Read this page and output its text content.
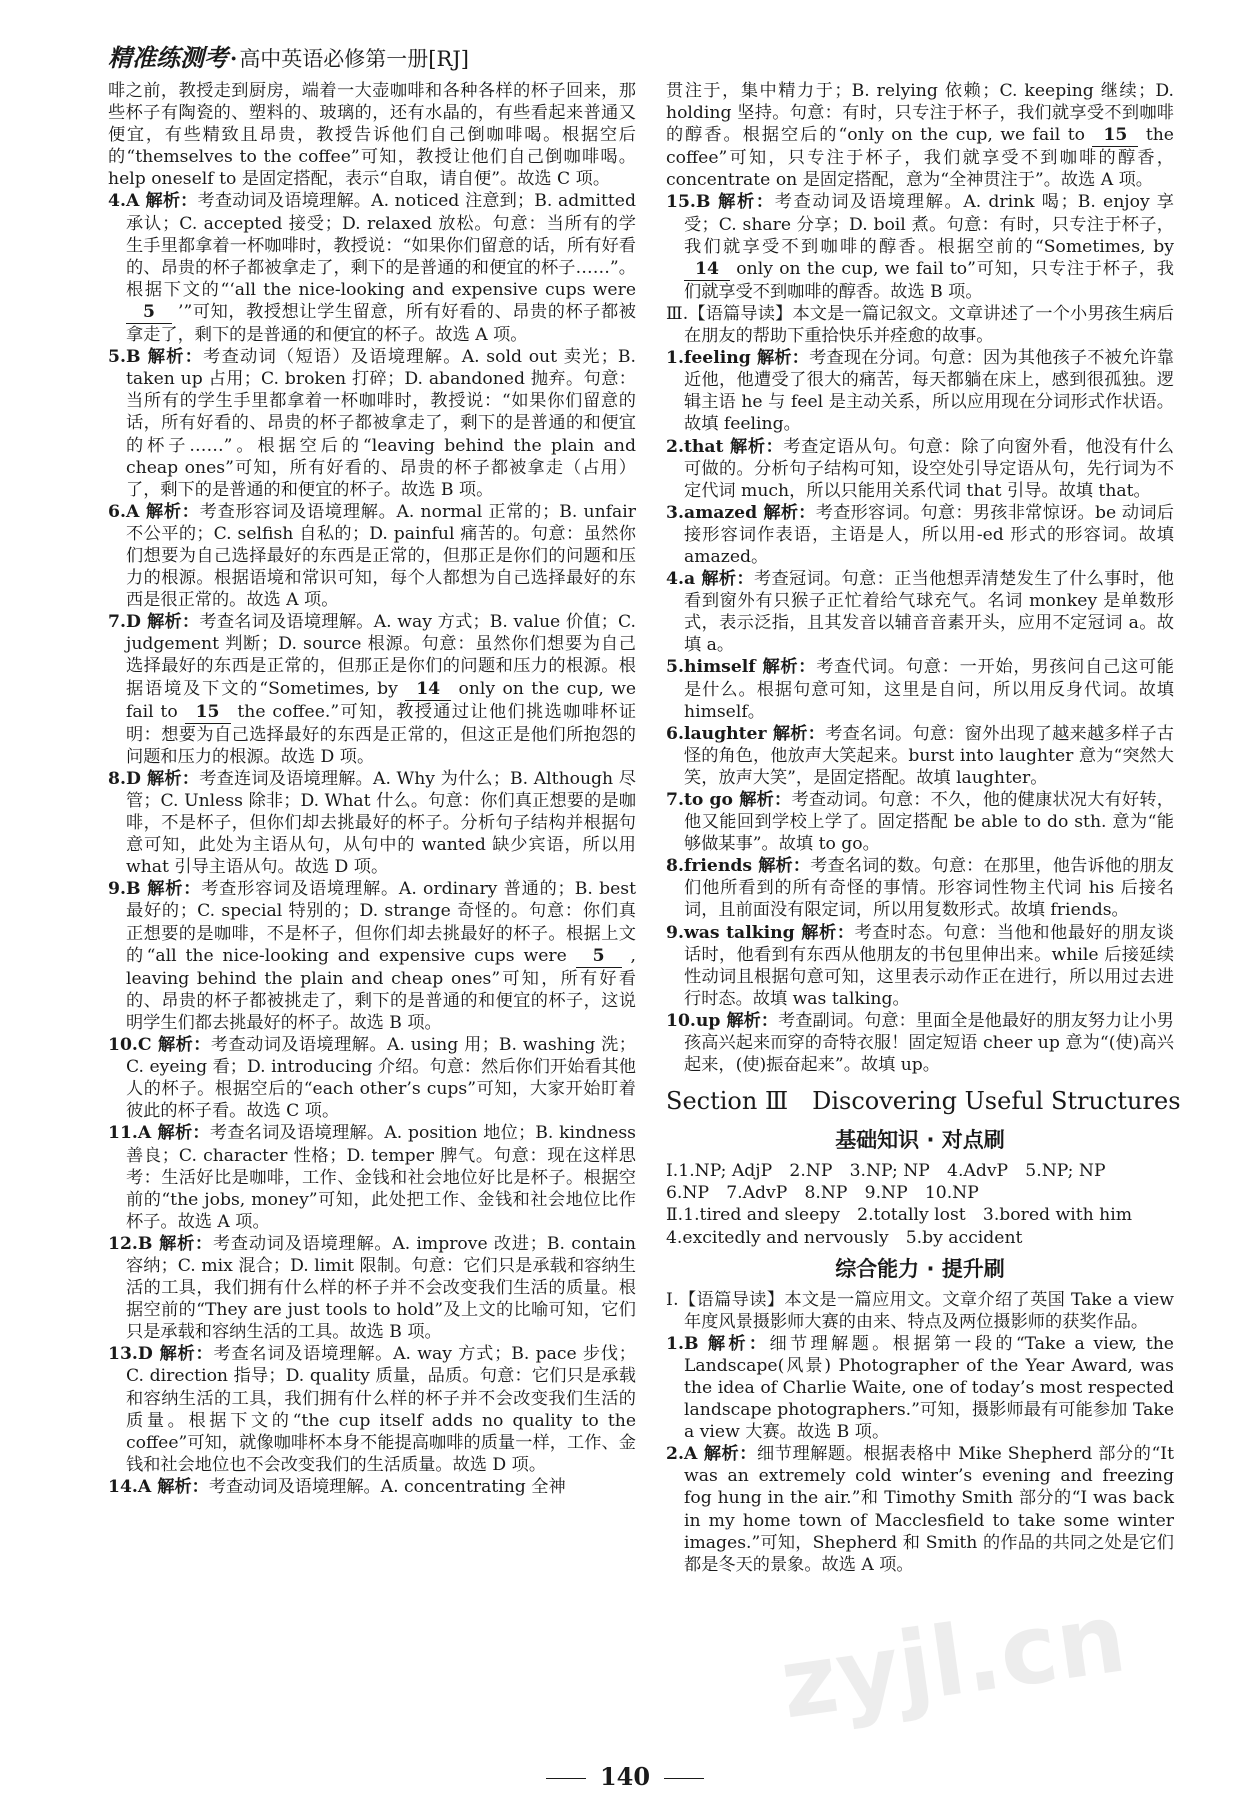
精准练测考·高中英语必修第一册[RJ]

啡之前，教授走到厨房，端着一大壶咖啡和各种各样的杯子回来，那些杯子有陶瓷的、塑料的、玻璃的，还有水晶的，有些看起来普通又便宜，有些精致且昂贵，教授告诉他们自己倒咖啡喝。根据空后的“themselves to the coffee”可知，教授让他们自己倒咖啡喝。help oneself to 是固定搭配，表示“自取，请自便”。故选 C 项。

4.A 解析：考查动词及语境理解。A. noticed 注意到；B. admitted 承认；C. accepted 接受；D. relaxed 放松。句意：当所有的学生手里都拿着一杯咖啡时，教授说：“如果你们留意的话，所有好看的、昂贵的杯子都被拿走了，剩下的是普通的和便宜的杯子……”。根据下文的“‘all the nice-looking and expensive cups were 5 ’”可知，教授想让学生留意，所有好看的、昂贵的杯子都被拿走了，剩下的是普通的和便宜的杯子。故选 A 项。

5.B 解析：考查动词（短语）及语境理解。A. sold out 卖光；B. taken up 占用；C. broken 打碎；D. abandoned 抛弃。句意：当所有的学生手里都拿着一杯咖啡时，教授说：“如果你们留意的话，所有好看的、昂贵的杯子都被拿走了，剩下的是普通的和便宜的杯子……”。根据空后的“leaving behind the plain and cheap ones”可知，所有好看的、昂贵的杯子都被拿走（占用）了，剩下的是普通的和便宜的杯子。故选 B 项。

6.A 解析：考查形容词及语境理解。A. normal 正常的；B. unfair 不公平的；C. selfish 自私的；D. painful 痛苦的。句意：虽然你们想要为自己选择最好的东西是正常的，但那正是你们的问题和压力的根源。根据语境和常识可知，每个人都想为自己选择最好的东西是很正常的。故选 A 项。

7.D 解析：考查名词及语境理解。A. way 方式；B. value 价值；C. judgement 判断；D. source 根源。句意：虽然你们想要为自己选择最好的东西是正常的，但那正是你们的问题和压力的根源。根据语境及下文的“Sometimes, by 14 only on the cup, we fail to 15 the coffee.”可知，教授通过让他们挑选咖啡杯证明：想要为自己选择最好的东西是正常的，但这正是他们所抱怨的问题和压力的根源。故选 D 项。

8.D 解析：考查连词及语境理解。A. Why 为什么；B. Although 尽管；C. Unless 除非；D. What 什么。句意：你们真正想要的是咖啡，不是杯子，但你们却去挑最好的杯子。分析句子结构并根据句意可知，此处为主语从句，从句中的 wanted 缺少宾语，所以用 what 引导主语从句。故选 D 项。

9.B 解析：考查形容词及语境理解。A. ordinary 普通的；B. best 最好的；C. special 特别的；D. strange 奇怪的。句意：你们真正想要的是咖啡，不是杯子，但你们却去挑最好的杯子。根据上文的“all the nice-looking and expensive cups were 5 , leaving behind the plain and cheap ones”可知，所有好看的、昂贵的杯子都被挑走了，剩下的是普通的和便宜的杯子，这说明学生们都去挑最好的杯子。故选 B 项。

10.C 解析：考查动词及语境理解。A. using 用；B. washing 洗；C. eyeing 看；D. introducing 介绍。句意：然后你们开始看其他人的杯子。根据空后的“each other’s cups”可知，大家开始盯着彼此的杯子看。故选 C 项。

11.A 解析：考查名词及语境理解。A. position 地位；B. kindness 善良；C. character 性格；D. temper 脾气。句意：现在这样思考：生活好比是咖啡，工作、金钱和社会地位好比是杯子。根据空前的“the jobs, money”可知，此处把工作、金钱和社会地位比作杯子。故选 A 项。

12.B 解析：考查动词及语境理解。A. improve 改进；B. contain 容纳；C. mix 混合；D. limit 限制。句意：它们只是承载和容纳生活的工具，我们拥有什么样的杯子并不会改变我们生活的质量。根据空前的“They are just tools to hold”及上文的比喻可知，它们只是承载和容纳生活的工具。故选 B 项。

13.D 解析：考查名词及语境理解。A. way 方式；B. pace 步伐；C. direction 指导；D. quality 质量，品质。句意：它们只是承载和容纳生活的工具，我们拥有什么样的杯子并不会改变我们生活的质量。根据下文的“the cup itself adds no quality to the coffee”可知，就像咖啡杯本身不能提高咖啡的质量一样，工作、金钱和社会地位也不会改变我们的生活质量。故选 D 项。

14.A 解析：考查动词及语境理解。A. concentrating 全神

贯注于，集中精力于；B. relying 依赖；C. keeping 继续；D. holding 坚持。句意：有时，只专注于杯子，我们就享受不到咖啡的醇香。根据空后的“only on the cup, we fail to 15 the coffee”可知，只专注于杯子，我们就享受不到咖啡的醇香，concentrate on 是固定搭配，意为“全神贯注于”。故选 A 项。

15.B 解析：考查动词及语境理解。A. drink 喝；B. enjoy 享受；C. share 分享；D. boil 煮。句意：有时，只专注于杯子，我们就享受不到咖啡的醇香。根据空前的“Sometimes, by 14 only on the cup, we fail to”可知，只专注于杯子，我们就享受不到咖啡的醇香。故选 B 项。

Ⅲ.【语篇导读】本文是一篇记叙文。文章讲述了一个小男孩生病后在朋友的帮助下重拾快乐并痊愈的故事。

1.feeling 解析：考查现在分词。句意：因为其他孩子不被允许靠近他，他遭受了很大的痛苦，每天都躺在床上，感到很孤独。逻辑主语 he 与 feel 是主动关系，所以应用现在分词形式作状语。故填 feeling。

2.that 解析：考查定语从句。句意：除了向窗外看，他没有什么可做的。分析句子结构可知，设空处引导定语从句，先行词为不定代词 much，所以只能用关系代词 that 引导。故填 that。

3.amazed 解析：考查形容词。句意：男孩非常惊讶。be 动词后接形容词作表语，主语是人，所以用-ed 形式的形容词。故填 amazed。

4.a 解析：考查冠词。句意：正当他想弄清楚发生了什么事时，他看到窗外有只猴子正忙着给气球充气。名词 monkey 是单数形式，表示泛指，且其发音以辅音音素开头，应用不定冠词 a。故填 a。

5.himself 解析：考查代词。句意：一开始，男孩问自己这可能是什么。根据句意可知，这里是自问，所以用反身代词。故填 himself。

6.laughter 解析：考查名词。句意：窗外出现了越来越多样子古怪的角色，他放声大笑起来。burst into laughter 意为“突然大笑，放声大笑”，是固定搭配。故填 laughter。

7.to go 解析：考查动词。句意：不久，他的健康状况大有好转，他又能回到学校上学了。固定搭配 be able to do sth. 意为“能够做某事”。故填 to go。

8.friends 解析：考查名词的数。句意：在那里，他告诉他的朋友们他所看到的所有奇怪的事情。形容词性物主代词 his 后接名词，且前面没有限定词，所以用复数形式。故填 friends。

9.was talking 解析：考查时态。句意：当他和他最好的朋友谈话时，他看到有东西从他朋友的书包里伸出来。while 后接延续性动词且根据句意可知，这里表示动作正在进行，所以用过去进行时态。故填 was talking。

10.up 解析：考查副词。句意：里面全是他最好的朋友努力让小男孩高兴起来而穿的奇特衣服！固定短语 cheer up 意为“(使)高兴起来，(使)振奋起来”。故填 up。

Section Ⅲ　Discovering Useful Structures
基础知识 · 对点刷

Ⅰ.1.NP; AdjP　2.NP　3.NP; NP　4.AdvP　5.NP; NP

6.NP　7.AdvP　8.NP　9.NP　10.NP

Ⅱ.1.tired and sleepy　2.totally lost　3.bored with him

4.excitedly and nervously　5.by accident

综合能力 · 提升刷

Ⅰ.【语篇导读】本文是一篇应用文。文章介绍了英国 Take a view 年度风景摄影师大赛的由来、特点及两位摄影师的获奖作品。

1.B 解析：细节理解题。根据第一段的“Take a view, the Landscape(风景) Photographer of the Year Award, was the idea of Charlie Waite, one of today’s most respected landscape photographers.”可知，摄影师最有可能参加 Take a view 大赛。故选 B 项。

2.A 解析：细节理解题。根据表格中 Mike Shepherd 部分的“It was an extremely cold winter’s evening and freezing fog hung in the air.”和 Timothy Smith 部分的“I was back in my home town of Macclesfield to take some winter images.”可知，Shepherd 和 Smith 的作品的共同之处是它们都是冬天的景象。故选 A 项。

140
zyjl.cn
